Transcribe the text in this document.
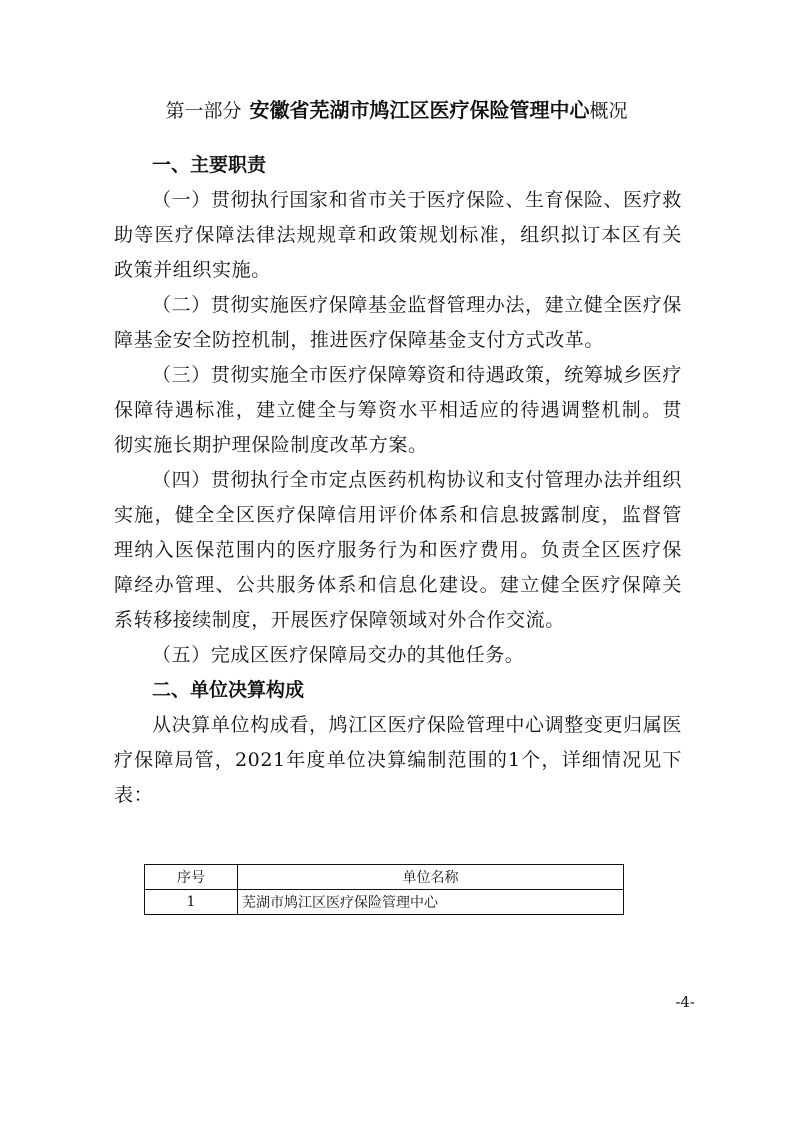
第一部分 安徽省芜湖市鸠江区医疗保险管理中心概况
一、主要职责
（一）贯彻执行国家和省市关于医疗保险、生育保险、医疗救助等医疗保障法律法规规章和政策规划标准，组织拟订本区有关政策并组织实施。
（二）贯彻实施医疗保障基金监督管理办法，建立健全医疗保障基金安全防控机制，推进医疗保障基金支付方式改革。
（三）贯彻实施全市医疗保障筹资和待遇政策，统筹城乡医疗保障待遇标准，建立健全与筹资水平相适应的待遇调整机制。贯彻实施长期护理保险制度改革方案。
（四）贯彻执行全市定点医药机构协议和支付管理办法并组织实施，健全全区医疗保障信用评价体系和信息披露制度，监督管理纳入医保范围内的医疗服务行为和医疗费用。负责全区医疗保障经办管理、公共服务体系和信息化建设。建立健全医疗保障关系转移接续制度，开展医疗保障领域对外合作交流。
（五）完成区医疗保障局交办的其他任务。
二、单位决算构成
从决算单位构成看，鸠江区医疗保险管理中心调整变更归属医疗保障局管，2021年度单位决算编制范围的1个，详细情况见下表：
序号	单位名称
1	芜湖市鸠江区医疗保险管理中心
-4-
